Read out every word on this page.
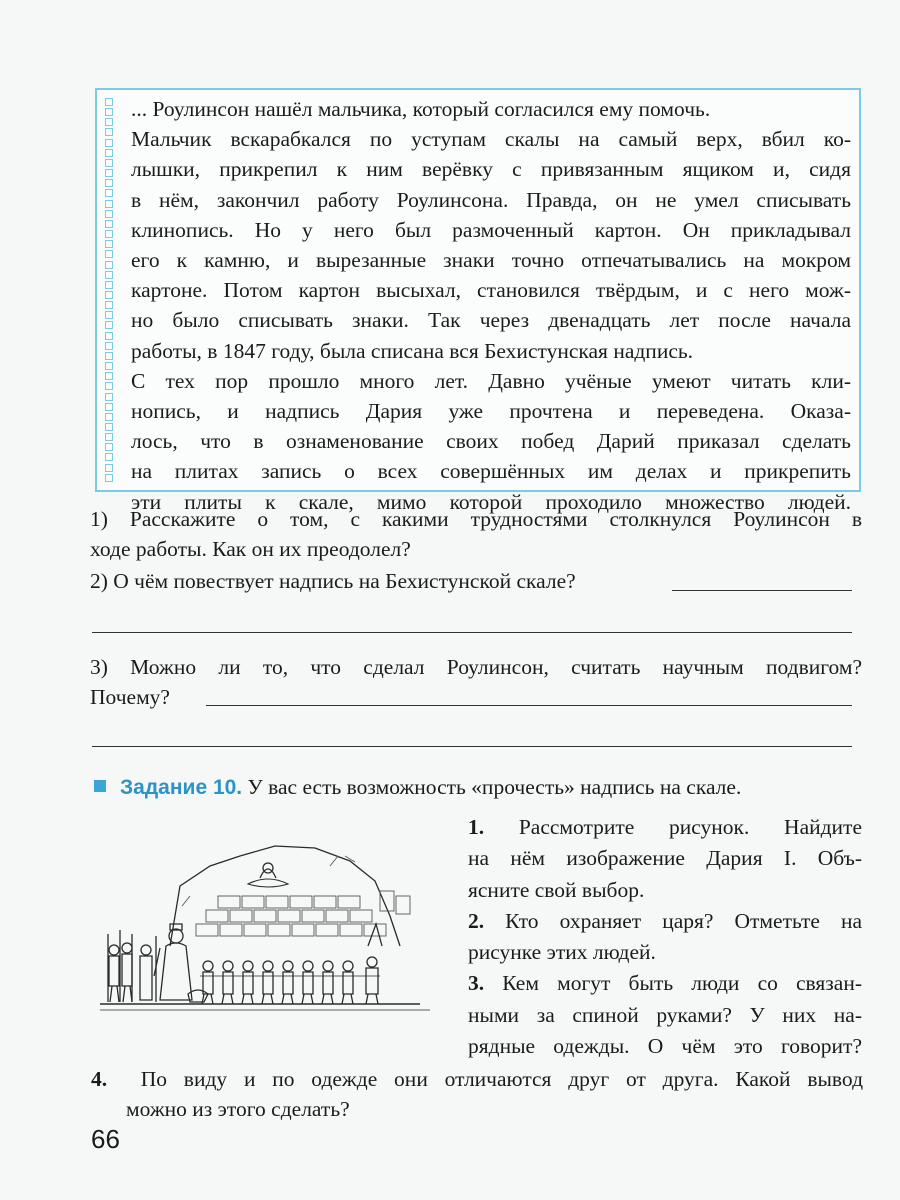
... Роулинсон нашёл мальчика, который согласился ему помочь.

Мальчик вскарабкался по уступам скалы на самый верх, вбил ко-

лышки, прикрепил к ним верёвку с привязанным ящиком и, сидя

в нём, закончил работу Роулинсона. Правда, он не умел списывать

клинопись. Но у него был размоченный картон. Он прикладывал

его к камню, и вырезанные знаки точно отпечатывались на мокром

картоне. Потом картон высыхал, становился твёрдым, и с него мож-

но было списывать знаки. Так через двенадцать лет после начала

работы, в 1847 году, была списана вся Бехистунская надпись.

С тех пор прошло много лет. Давно учёные умеют читать кли-

нопись, и надпись Дария уже прочтена и переведена. Оказа-

лось, что в ознаменование своих побед Дарий приказал сделать

на плитах запись о всех совершённых им делах и прикрепить

эти плиты к скале, мимо которой проходило множество людей.

1) Расскажите о том, с какими трудностями столкнулся Роулинсон в
ходе работы. Как он их преодолел?
2) О чём повествует надпись на Бехистунской скале?
3) Можно ли то, что сделал Роулинсон, считать научным подвигом?
Почему?
Задание 10. У вас есть возможность «прочесть» надпись на скале.

1. Рассмотрите рисунок. Найдите

на нём изображение Дария I. Объ-

ясните свой выбор.

2. Кто охраняет царя? Отметьте на

рисунке этих людей.

3. Кем могут быть люди со связан-

ными за спиной руками? У них на-

рядные одежды. О чём это говорит?

4. По виду и по одежде они отличаются друг от друга. Какой вывод
можно из этого сделать?
66
